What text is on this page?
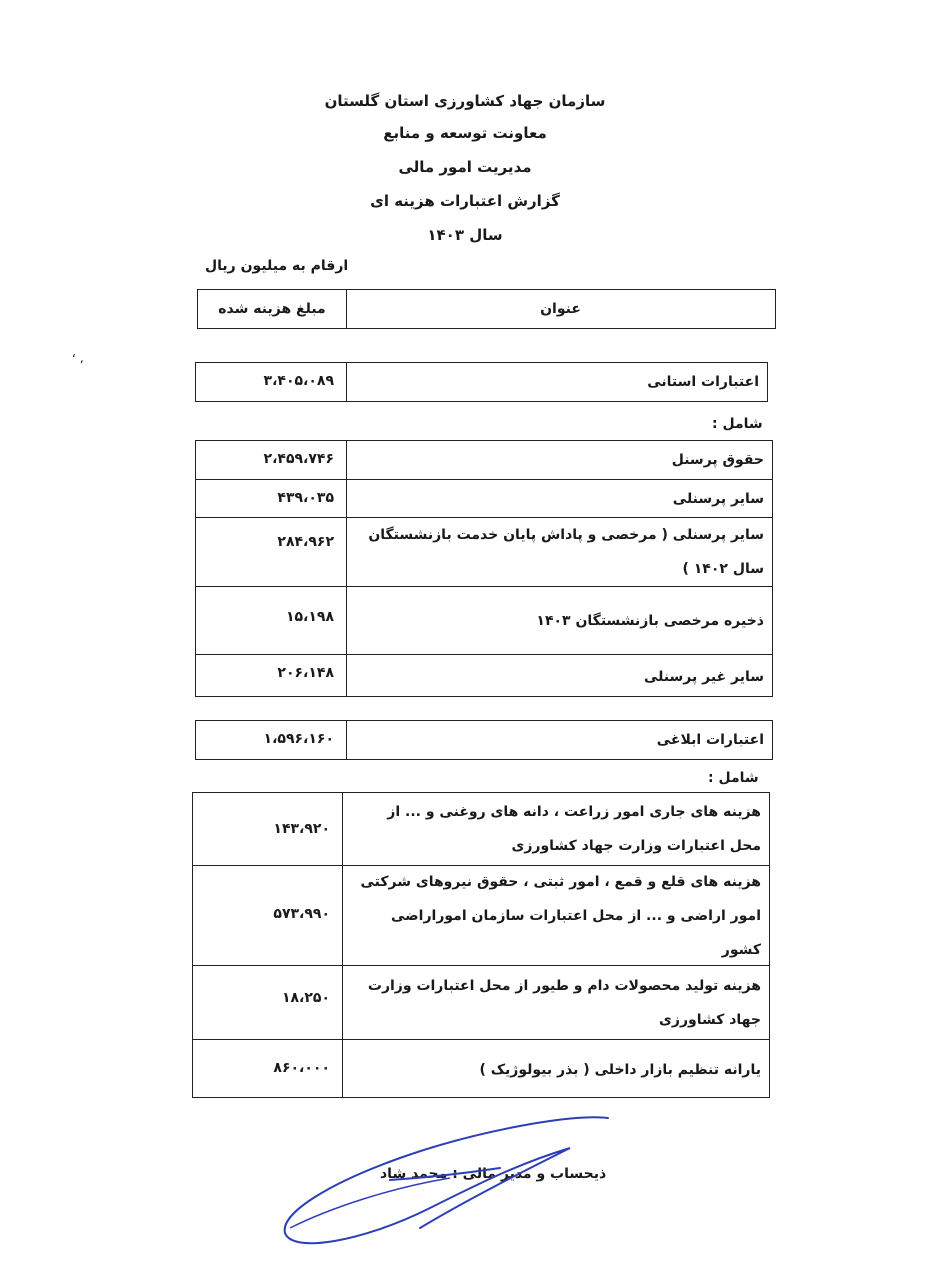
سازمان جهاد کشاورزی استان گلستان
معاونت توسعه و منابع
مدیریت امور مالی
گزارش اعتبارات هزینه ای
سال ۱۴۰۳
ارقام به میلیون ریال
‘ ،
عنوان
مبلغ هزینه شده
اعتبارات استانی
۳،۴۰۵،۰۸۹
شامل :
حقوق پرسنل
۲،۴۵۹،۷۴۶
سایر پرسنلی
۴۳۹،۰۳۵
سایر پرسنلی ( مرخصی و پاداش پایان خدمت بازنشستگان سال ۱۴۰۲ )
۲۸۴،۹۶۲
ذخیره مرخصی بازنشستگان ۱۴۰۳
۱۵،۱۹۸
سایر غیر پرسنلی
۲۰۶،۱۴۸
اعتبارات ابلاغی
۱،۵۹۶،۱۶۰
شامل :
هزینه های جاری امور زراعت ، دانه های روغنی و ... از محل اعتبارات وزارت جهاد کشاورزی
۱۴۳،۹۲۰
هزینه های قلع و قمع ، امور ثبتی ، حقوق نیروهای شرکتی امور اراضی و ... از محل اعتبارات سازمان اموراراضی کشور
۵۷۳،۹۹۰
هزینه تولید محصولات دام و طیور از محل اعتبارات وزارت جهاد کشاورزی
۱۸،۲۵۰
یارانه تنظیم بازار داخلی ( بذر بیولوژیک )
۸۶۰،۰۰۰
ذیحساب و مدیر مالی : محمد شاد
